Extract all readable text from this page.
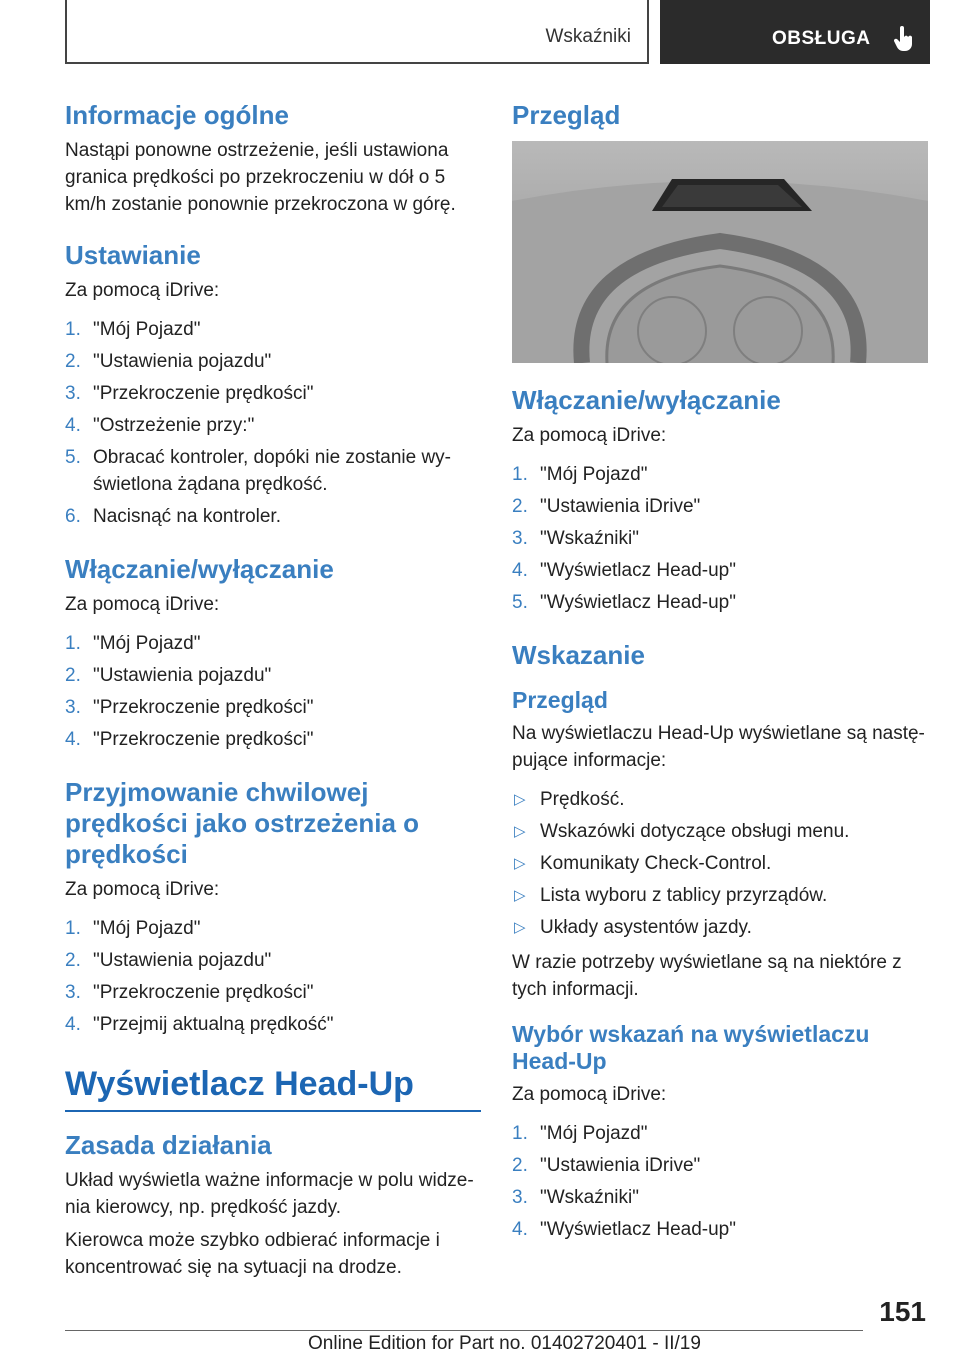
Wskaźniki	OBSŁUGA
Informacje ogólne

Nastąpi ponowne ostrzeżenie, jeśli ustawiona granica prędkości po przekroczeniu w dół o 5 km/h zostanie ponownie przekroczona w górę.

Ustawianie

Za pomocą iDrive:

1. "Mój Pojazd"
2. "Ustawienia pojazdu"
3. "Przekroczenie prędkości"
4. "Ostrzeżenie przy:"
5. Obracać kontroler, dopóki nie zostanie wy-świetlona żądana prędkość.
6. Nacisnąć na kontroler.
Włączanie/wyłączanie

Za pomocą iDrive:

1. "Mój Pojazd"
2. "Ustawienia pojazdu"
3. "Przekroczenie prędkości"
4. "Przekroczenie prędkości"
Przyjmowanie chwilowej prędkości jako ostrzeżenia o prędkości

Za pomocą iDrive:

1. "Mój Pojazd"
2. "Ustawienia pojazdu"
3. "Przekroczenie prędkości"
4. "Przejmij aktualną prędkość"
Wyświetlacz Head-Up
Zasada działania

Układ wyświetla ważne informacje w polu widze-nia kierowcy, np. prędkość jazdy.

Kierowca może szybko odbierać informacje i koncentrować się na sytuacji na drodze.

Przegląd
Włączanie/wyłączanie

Za pomocą iDrive:

1. "Mój Pojazd"
2. "Ustawienia iDrive"
3. "Wskaźniki"
4. "Wyświetlacz Head-up"
5. "Wyświetlacz Head-up"
Wskazanie
Przegląd

Na wyświetlaczu Head-Up wyświetlane są nastę-pujące informacje:

▷ Prędkość.
▷ Wskazówki dotyczące obsługi menu.
▷ Komunikaty Check-Control.
▷ Lista wyboru z tablicy przyrządów.
▷ Układy asystentów jazdy.

W razie potrzeby wyświetlane są na niektóre z tych informacji.

Wybór wskazań na wyświetlaczu Head-Up

Za pomocą iDrive:

1. "Mój Pojazd"
2. "Ustawienia iDrive"
3. "Wskaźniki"
4. "Wyświetlacz Head-up"
151
Online Edition for Part no. 01402720401 - II/19
